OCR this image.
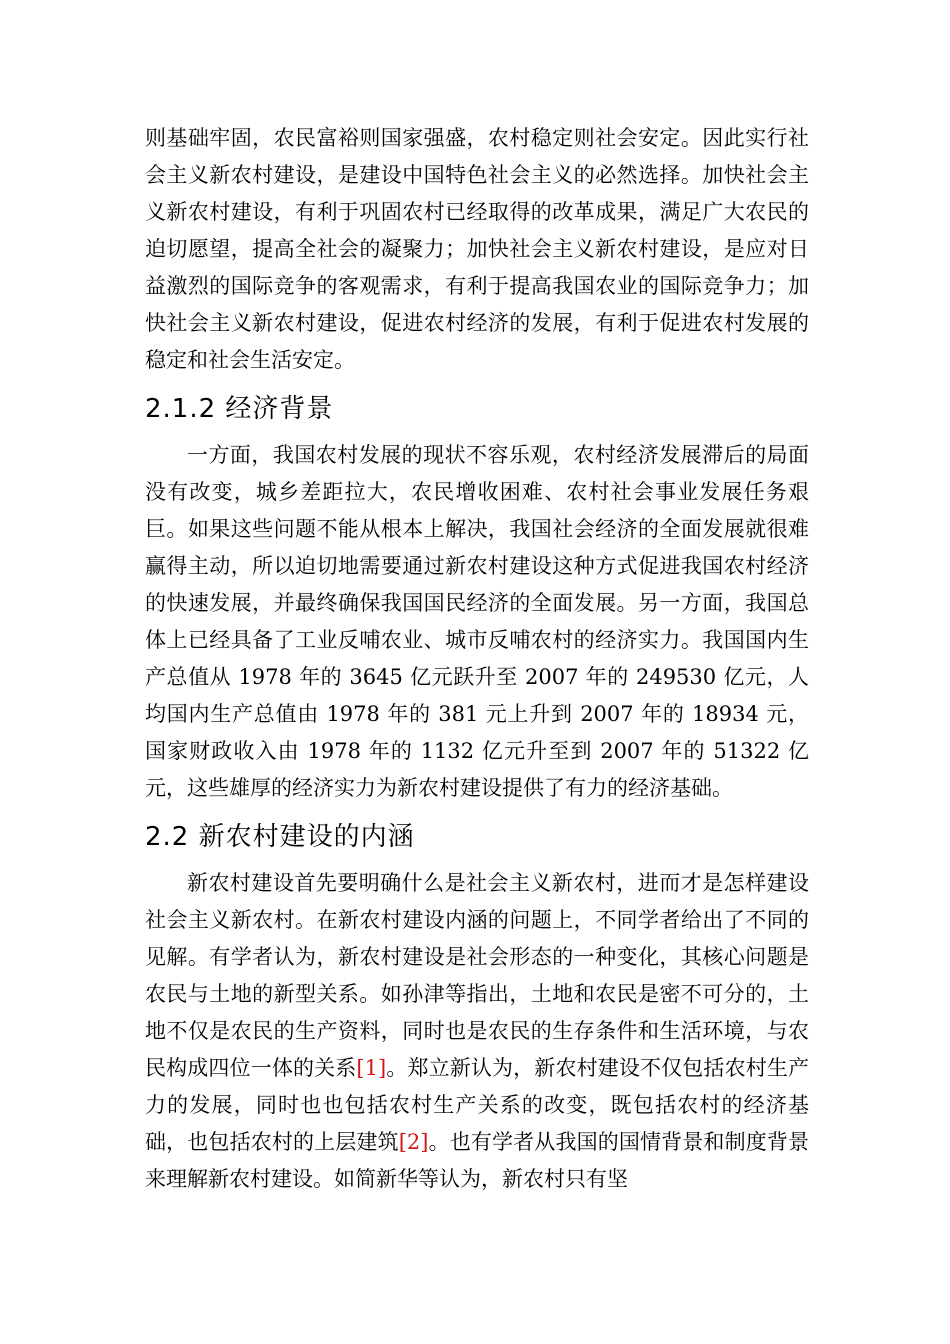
则基础牢固，农民富裕则国家强盛，农村稳定则社会安定。因此实行社会主义新农村建设，是建设中国特色社会主义的必然选择。加快社会主义新农村建设，有利于巩固农村已经取得的改革成果，满足广大农民的迫切愿望，提高全社会的凝聚力；加快社会主义新农村建设，是应对日益激烈的国际竞争的客观需求，有利于提高我国农业的国际竞争力；加快社会主义新农村建设，促进农村经济的发展，有利于促进农村发展的稳定和社会生活安定。

2.1.2 经济背景

一方面，我国农村发展的现状不容乐观，农村经济发展滞后的局面没有改变，城乡差距拉大，农民增收困难、农村社会事业发展任务艰巨。如果这些问题不能从根本上解决，我国社会经济的全面发展就很难赢得主动，所以迫切地需要通过新农村建设这种方式促进我国农村经济的快速发展，并最终确保我国国民经济的全面发展。另一方面，我国总体上已经具备了工业反哺农业、城市反哺农村的经济实力。我国国内生产总值从 1978 年的 3645 亿元跃升至 2007 年的 249530 亿元，人均国内生产总值由 1978 年的 381 元上升到 2007 年的 18934 元，国家财政收入由 1978 年的 1132 亿元升至到 2007 年的 51322 亿元，这些雄厚的经济实力为新农村建设提供了有力的经济基础。

2.2 新农村建设的内涵

新农村建设首先要明确什么是社会主义新农村，进而才是怎样建设社会主义新农村。在新农村建设内涵的问题上，不同学者给出了不同的见解。有学者认为，新农村建设是社会形态的一种变化，其核心问题是农民与土地的新型关系。如孙津等指出，土地和农民是密不可分的，土地不仅是农民的生产资料，同时也是农民的生存条件和生活环境，与农民构成四位一体的关系[1]。郑立新认为，新农村建设不仅包括农村生产力的发展，同时也也包括农村生产关系的改变，既包括农村的经济基础，也包括农村的上层建筑[2]。也有学者从我国的国情背景和制度背景来理解新农村建设。如简新华等认为，新农村只有坚
